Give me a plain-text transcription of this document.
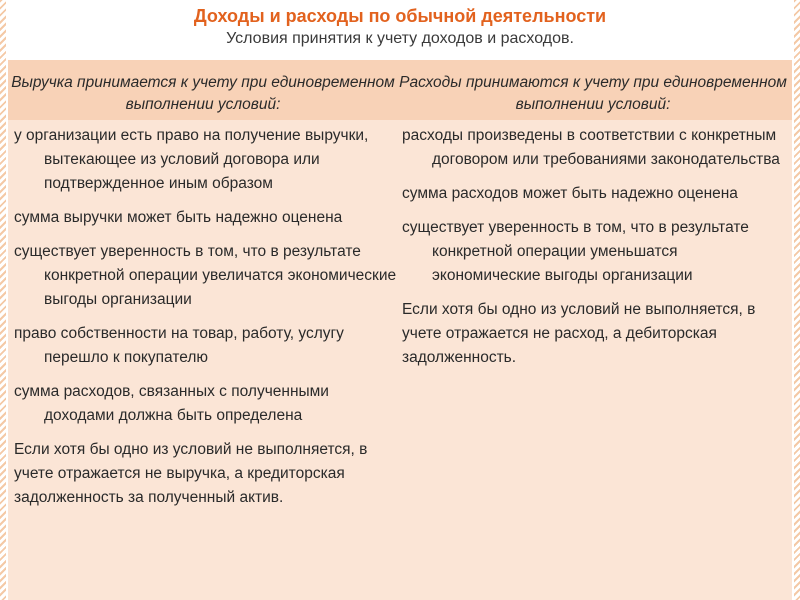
Доходы и расходы по обычной деятельности
Условия принятия к учету доходов и расходов.
Выручка принимается к учету при единовременном выполнении условий:
Расходы принимаются к учету при единовременном выполнении условий:
у организации есть право на получение выручки, вытекающее из условий договора или подтвержденное иным образом
сумма выручки может быть надежно оценена
существует уверенность в том, что в результате конкретной операции увеличатся экономические выгоды организации
право собственности на товар, работу, услугу перешло к покупателю
сумма расходов, связанных с полученными доходами должна быть определена
Если хотя бы одно из условий не выполняется, в учете отражается не выручка, а кредиторская задолженность за полученный актив.
расходы произведены в соответствии с конкретным договором или требованиями законодательства
сумма расходов может быть надежно оценена
существует уверенность в том, что в результате конкретной операции уменьшатся экономические выгоды организации
Если хотя бы одно из условий не выполняется, в учете отражается не расход, а дебиторская задолженность.
